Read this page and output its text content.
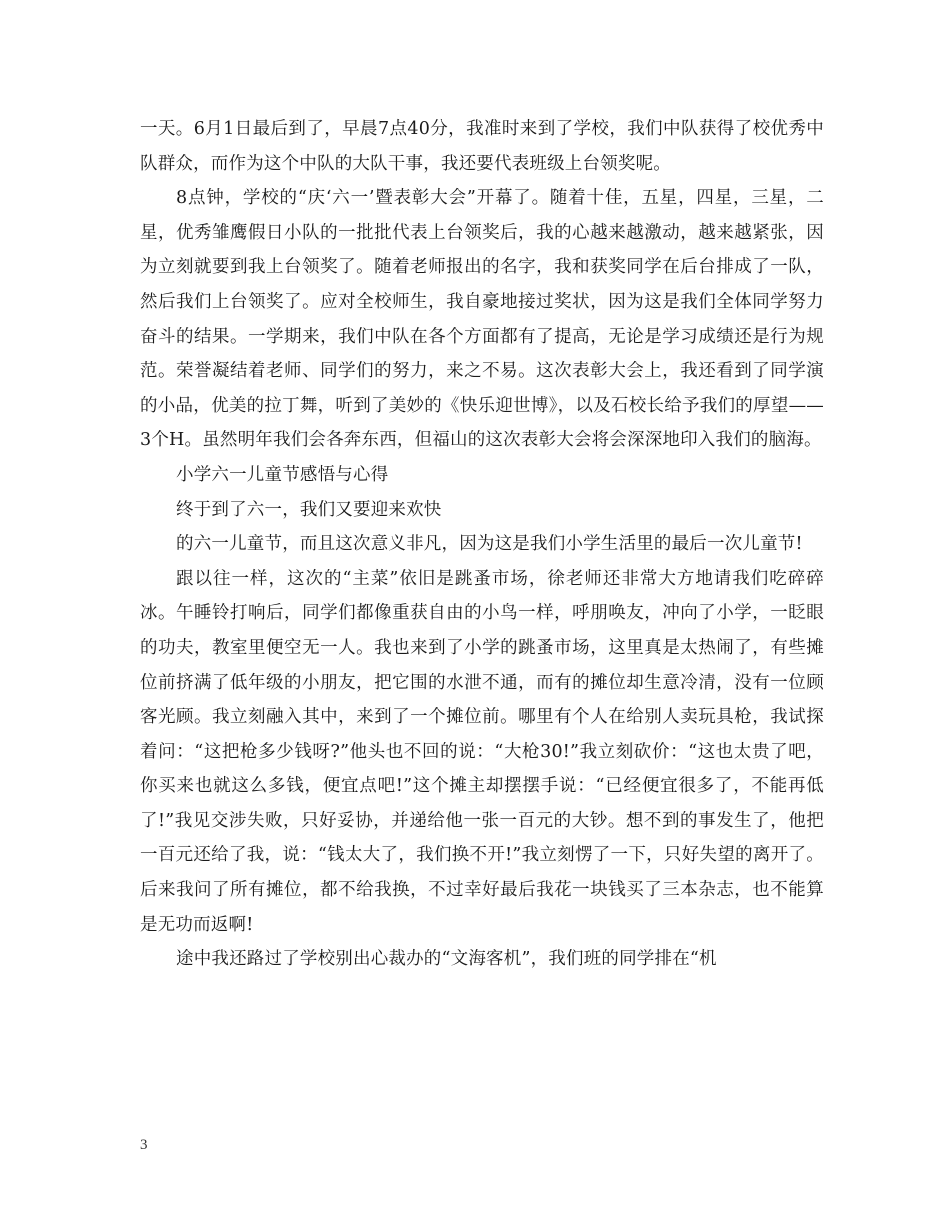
一天。6月1日最后到了，早晨7点40分，我准时来到了学校，我们中队获得了校优秀中队群众，而作为这个中队的大队干事，我还要代表班级上台领奖呢。

8点钟，学校的“庆‘六一’暨表彰大会”开幕了。随着十佳，五星，四星，三星，二星，优秀雏鹰假日小队的一批批代表上台领奖后，我的心越来越激动，越来越紧张，因为立刻就要到我上台领奖了。随着老师报出的名字，我和获奖同学在后台排成了一队，然后我们上台领奖了。应对全校师生，我自豪地接过奖状，因为这是我们全体同学努力奋斗的结果。一学期来，我们中队在各个方面都有了提高，无论是学习成绩还是行为规范。荣誉凝结着老师、同学们的努力，来之不易。这次表彰大会上，我还看到了同学演的小品，优美的拉丁舞，听到了美妙的《快乐迎世博》，以及石校长给予我们的厚望——3个H。虽然明年我们会各奔东西，但福山的这次表彰大会将会深深地印入我们的脑海。

小学六一儿童节感悟与心得

终于到了六一，我们又要迎来欢快

的六一儿童节，而且这次意义非凡，因为这是我们小学生活里的最后一次儿童节!

跟以往一样，这次的“主菜”依旧是跳蚤市场，徐老师还非常大方地请我们吃碎碎冰。午睡铃打响后，同学们都像重获自由的小鸟一样，呼朋唤友，冲向了小学，一眨眼的功夫，教室里便空无一人。我也来到了小学的跳蚤市场，这里真是太热闹了，有些摊位前挤满了低年级的小朋友，把它围的水泄不通，而有的摊位却生意冷清，没有一位顾客光顾。我立刻融入其中，来到了一个摊位前。哪里有个人在给别人卖玩具枪，我试探着问：“这把枪多少钱呀?”他头也不回的说：“大枪30!”我立刻砍价：“这也太贵了吧，你买来也就这么多钱，便宜点吧!”这个摊主却摆摆手说：“已经便宜很多了，不能再低了!”我见交涉失败，只好妥协，并递给他一张一百元的大钞。想不到的事发生了，他把一百元还给了我，说：“钱太大了，我们换不开!”我立刻愣了一下，只好失望的离开了。后来我问了所有摊位，都不给我换，不过幸好最后我花一块钱买了三本杂志，也不能算是无功而返啊!

途中我还路过了学校别出心裁办的“文海客机”，我们班的同学排在“机

3
